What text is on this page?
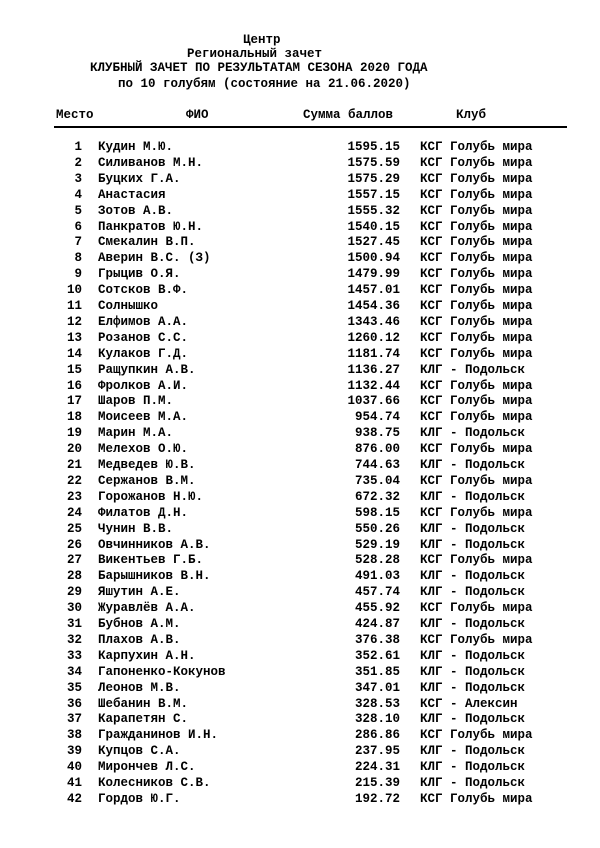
Центр
Региональный зачет
КЛУБНЫЙ ЗАЧЕТ ПО РЕЗУЛЬТАТАМ СЕЗОНА 2020 ГОДА
по 10 голубям (состояние на 21.06.2020)
Место	ФИО	Сумма баллов	Клуб
1 Кудин М.Ю.	1595.15 КСГ Голубь мира
2 Силиванов М.Н.	1575.59 КСГ Голубь мира
3 Буцких Г.А.	1575.29 КСГ Голубь мира
4 Анастасия	1557.15 КСГ Голубь мира
5 Зотов А.В.	1555.32 КСГ Голубь мира
6 Панкратов Ю.Н.	1540.15 КСГ Голубь мира
7 Смекалин В.П.	1527.45 КСГ Голубь мира
8 Аверин В.С. (З)	1500.94 КСГ Голубь мира
9 Грыцив О.Я.	1479.99 КСГ Голубь мира
10 Сотсков В.Ф.	1457.01 КСГ Голубь мира
11 Солнышко	1454.36 КСГ Голубь мира
12 Елфимов А.А.	1343.46 КСГ Голубь мира
13 Розанов С.С.	1260.12 КСГ Голубь мира
14 Кулаков Г.Д.	1181.74 КСГ Голубь мира
15 Ращупкин А.В.	1136.27 КЛГ - Подольск
16 Фролков А.И.	1132.44 КСГ Голубь мира
17 Шаров П.М.	1037.66 КСГ Голубь мира
18 Моисеев М.А.	954.74 КСГ Голубь мира
19 Марин М.А.	938.75 КЛГ - Подольск
20 Мелехов О.Ю.	876.00 КСГ Голубь мира
21 Медведев Ю.В.	744.63 КЛГ - Подольск
22 Сержанов В.М.	735.04 КСГ Голубь мира
23 Горожанов Н.Ю.	672.32 КЛГ - Подольск
24 Филатов Д.Н.	598.15 КСГ Голубь мира
25 Чунин В.В.	550.26 КЛГ - Подольск
26 Овчинников А.В.	529.19 КЛГ - Подольск
27 Викентьев Г.Б.	528.28 КСГ Голубь мира
28 Барышников В.Н.	491.03 КЛГ - Подольск
29 Яшутин А.Е.	457.74 КЛГ - Подольск
30 Журавлёв А.А.	455.92 КСГ Голубь мира
31 Бубнов А.М.	424.87 КЛГ - Подольск
32 Плахов А.В.	376.38 КСГ Голубь мира
33 Карпухин А.Н.	352.61 КЛГ - Подольск
34 Гапоненко-Кокунов	351.85 КЛГ - Подольск
35 Леонов М.В.	347.01 КЛГ - Подольск
36 Шебанин В.М.	328.53 КСГ - Алексин
37 Карапетян С.	328.10 КЛГ - Подольск
38 Гражданинов И.Н.	286.86 КСГ Голубь мира
39 Купцов С.А.	237.95 КЛГ - Подольск
40 Мирончев Л.С.	224.31 КЛГ - Подольск
41 Колесников С.В.	215.39 КЛГ - Подольск
42 Гордов Ю.Г.	192.72 КСГ Голубь мира
